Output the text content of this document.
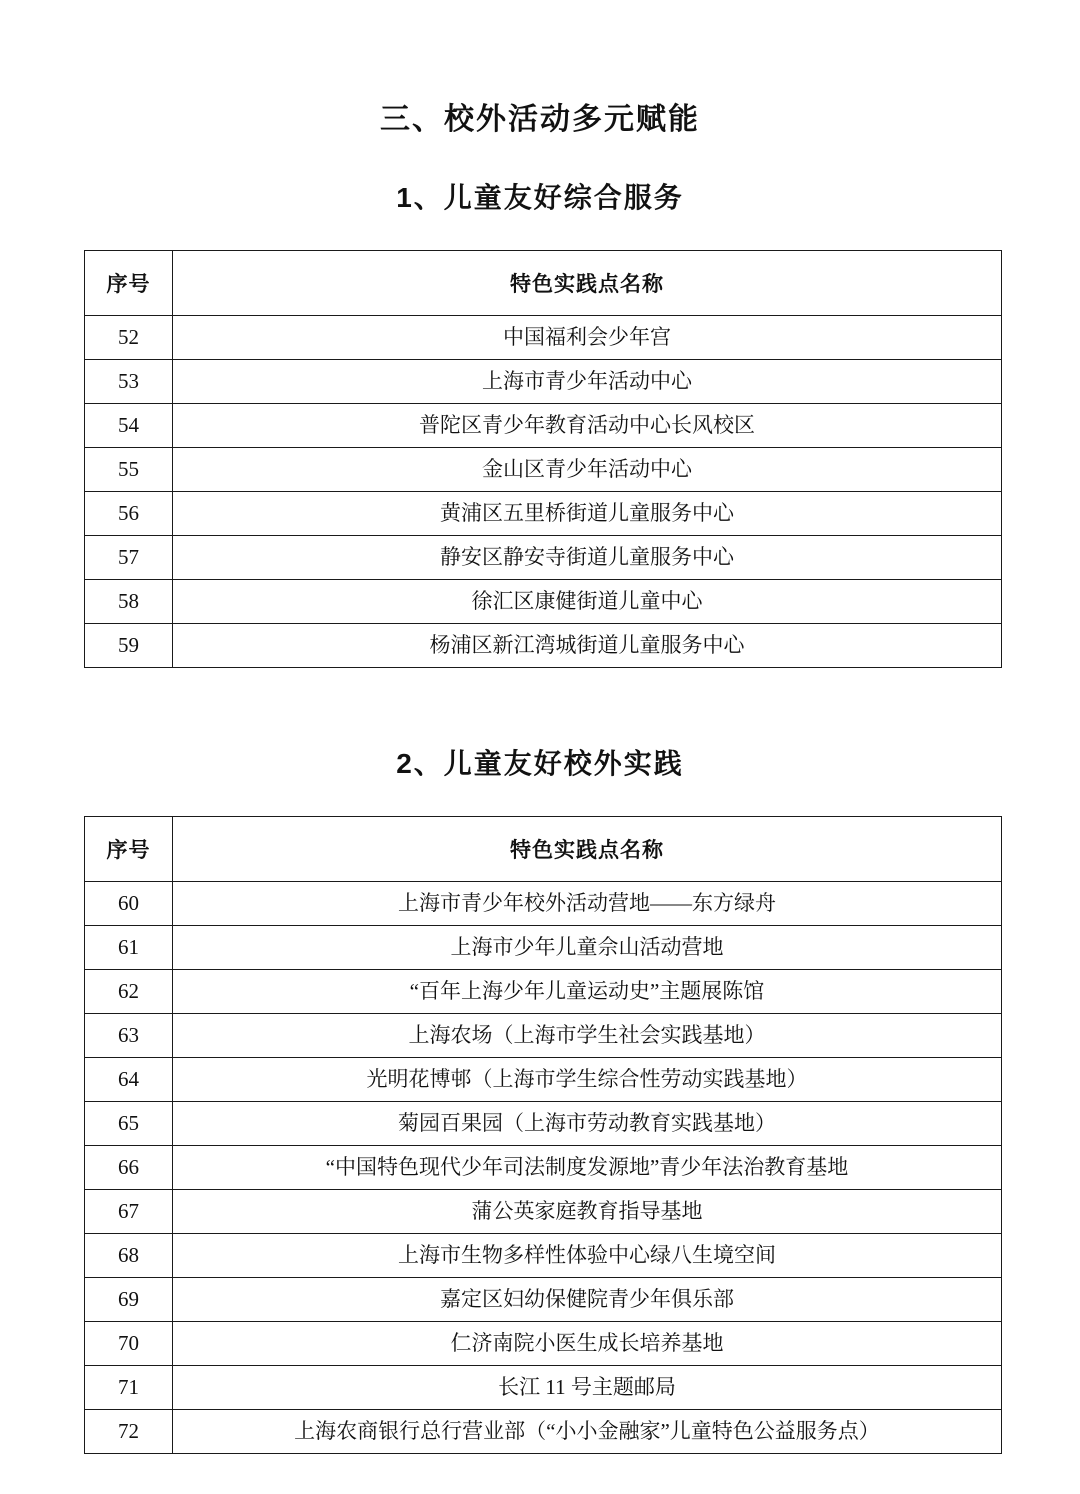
三、校外活动多元赋能
1、儿童友好综合服务
序号	特色实践点名称
52	中国福利会少年宫
53	上海市青少年活动中心
54	普陀区青少年教育活动中心长风校区
55	金山区青少年活动中心
56	黄浦区五里桥街道儿童服务中心
57	静安区静安寺街道儿童服务中心
58	徐汇区康健街道儿童中心
59	杨浦区新江湾城街道儿童服务中心
2、儿童友好校外实践
序号	特色实践点名称
60	上海市青少年校外活动营地——东方绿舟
61	上海市少年儿童佘山活动营地
62	“百年上海少年儿童运动史”主题展陈馆
63	上海农场（上海市学生社会实践基地）
64	光明花博邨（上海市学生综合性劳动实践基地）
65	菊园百果园（上海市劳动教育实践基地）
66	“中国特色现代少年司法制度发源地”青少年法治教育基地
67	蒲公英家庭教育指导基地
68	上海市生物多样性体验中心绿八生境空间
69	嘉定区妇幼保健院青少年俱乐部
70	仁济南院小医生成长培养基地
71	长江 11 号主题邮局
72	上海农商银行总行营业部（“小小金融家”儿童特色公益服务点）
